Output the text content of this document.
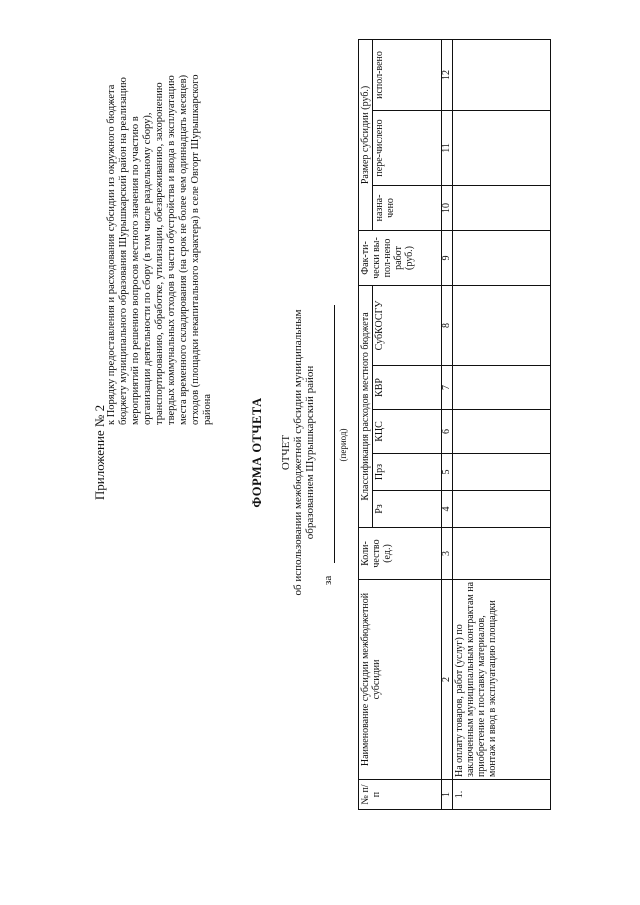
Приложение № 2
к Порядку предоставления и расходования субсидии из окружного бюджета бюджету муниципального образования Шурышкарский район на реализацию мероприятий по решению вопросов местного значения по участию в организации деятельности по сбору (в том числе раздельному сбору), транспортированию, обработке, утилизации, обезвреживанию, захоронению твердых коммунальных отходов в части обустройства и ввода в эксплуатацию места временного складирования (на срок не более чем одиннадцать месяцев) отходов (площадки некапитального характера) в селе Овгорт Шурышкарского района	ФОРМА ОТЧЕТА ОТЧЕТ об использовании межбюджетной субсидии муниципальным образованием Шурышкарский район
за
(период)
№ п/п	Наименование субсидии межбюджетной субсидии	Коли-чество (ед.)	Классификация расходов местного бюджета					Фак-ти-чески вы-пол-нено работ (руб.)	Размер субсидии (руб.)		
			Рз	Прз	КЦС	КВР	СубКОСГУ		назна-чено	пере-числено	испол-вено
1	2	3	4	5	6	7	8	9	10	11	12
1.	На оплату товаров, работ (услуг) по заключенным муниципальным контрактам на приобретение и поставку материалов, монтаж и ввод в эксплуатацию площадки										
